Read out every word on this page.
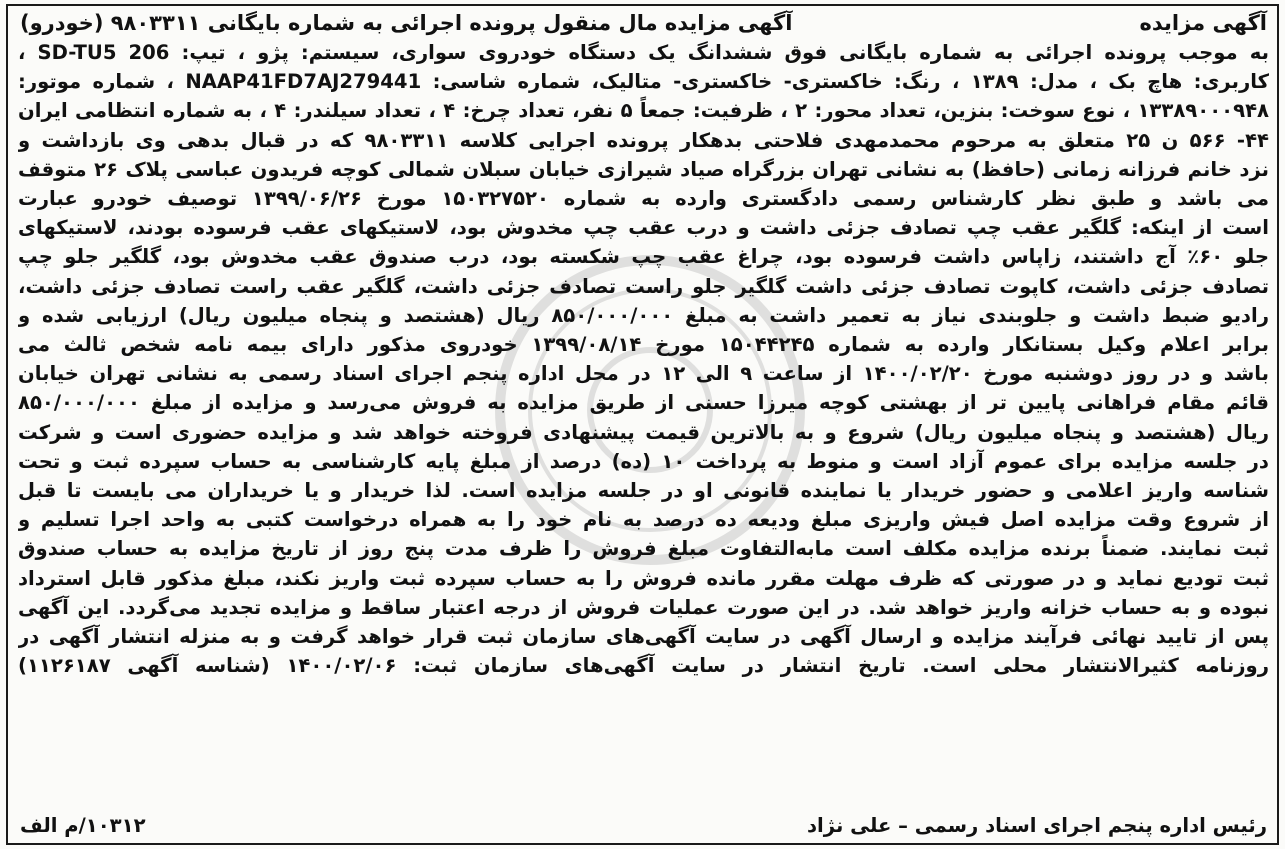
آگهی مزایده
آگهی مزایده مال منقول پرونده اجرائی به شماره بایگانی ۹۸۰۳۳۱۱ (خودرو)
به موجب پرونده اجرائی به شماره بایگانی فوق ششدانگ یک دستگاه خودروی سواری، سیستم: پژو ، تیپ: SD-TU5 206 ،
کاربری: هاچ بک ، مدل: ۱۳۸۹ ، رنگ: خاکستری- خاکستری- متالیک، شماره شاسی: NAAP41FD7AJ279441 ، شماره موتور:
۱۳۳۸۹۰۰۰۹۴۸ ، نوع سوخت: بنزین، تعداد محور: ۲ ، ظرفیت: جمعاً ۵ نفر، تعداد چرخ: ۴ ، تعداد سیلندر: ۴ ، به شماره انتظامی ایران
۴۴- ۵۶۶ ن ۲۵ متعلق به مرحوم محمدمهدی فلاحتی بدهکار پرونده اجرایی کلاسه ۹۸۰۳۳۱۱ که در قبال بدهی وی بازداشت و
نزد خانم فرزانه زمانی (حافظ) به نشانی تهران بزرگراه صیاد شیرازی خیابان سبلان شمالی کوچه فریدون عباسی پلاک ۲۶ متوقف
می باشد و طبق نظر کارشناس رسمی دادگستری وارده به شماره ۱۵۰۳۲۷۵۲۰ مورخ ۱۳۹۹/۰۶/۲۶ توصیف خودرو عبارت
است از اینکه: گلگیر عقب چپ تصادف جزئی داشت و درب عقب چپ مخدوش بود، لاستیکهای عقب فرسوده بودند، لاستیکهای
جلو ۶۰٪ آج داشتند، زاپاس داشت فرسوده بود، چراغ عقب چپ شکسته بود، درب صندوق عقب مخدوش بود، گلگیر جلو چپ
تصادف جزئی داشت، کاپوت تصادف جزئی داشت گلگیر جلو راست تصادف جزئی داشت، گلگیر عقب راست تصادف جزئی داشت،
رادیو ضبط داشت و جلوبندی نیاز به تعمیر داشت به مبلغ ۸۵۰/۰۰۰/۰۰۰ ریال (هشتصد و پنجاه میلیون ریال) ارزیابی شده و
برابر اعلام وکیل بستانکار وارده به شماره ۱۵۰۴۴۲۴۵ مورخ ۱۳۹۹/۰۸/۱۴ خودروی مذکور دارای بیمه نامه شخص ثالث می
باشد و در روز دوشنبه مورخ ۱۴۰۰/۰۲/۲۰ از ساعت ۹ الی ۱۲ در محل اداره پنجم اجرای اسناد رسمی به نشانی تهران خیابان
قائم مقام فراهانی پایین تر از بهشتی کوچه میرزا حسنی از طریق مزایده به فروش می‌رسد و مزایده از مبلغ ۸۵۰/۰۰۰/۰۰۰
ریال (هشتصد و پنجاه میلیون ریال) شروع و به بالاترین قیمت پیشنهادی فروخته خواهد شد و مزایده حضوری است و شرکت
در جلسه مزایده برای عموم آزاد است و منوط به پرداخت ۱۰ (ده) درصد از مبلغ پایه کارشناسی به حساب سپرده ثبت و تحت
شناسه واریز اعلامی و حضور خریدار یا نماینده قانونی او در جلسه مزایده است. لذا خریدار و یا خریداران می بایست تا قبل
از شروع وقت مزایده اصل فیش واریزی مبلغ ودیعه ده درصد به نام خود را به همراه درخواست کتبی به واحد اجرا تسلیم و
ثبت نمایند. ضمناً برنده مزایده مکلف است مابه‌التفاوت مبلغ فروش را ظرف مدت پنج روز از تاریخ مزایده به حساب صندوق
ثبت تودیع نماید و در صورتی که ظرف مهلت مقرر مانده فروش را به حساب سپرده ثبت واریز نکند، مبلغ مذکور قابل استرداد
نبوده و به حساب خزانه واریز خواهد شد. در این صورت عملیات فروش از درجه اعتبار ساقط و مزایده تجدید می‌گردد. این آگهی
پس از تایید نهائی فرآیند مزایده و ارسال آگهی در سایت آگهی‌های سازمان ثبت قرار خواهد گرفت و به منزله انتشار آگهی در
روزنامه کثیرالانتشار محلی است. تاریخ انتشار در سایت آگهی‌های سازمان ثبت: ۱۴۰۰/۰۲/۰۶ (شناسه آگهی ۱۱۲۶۱۸۷)
رئیس اداره پنجم اجرای اسناد رسمی – علی نژاد
۱۰۳۱۲/م الف
